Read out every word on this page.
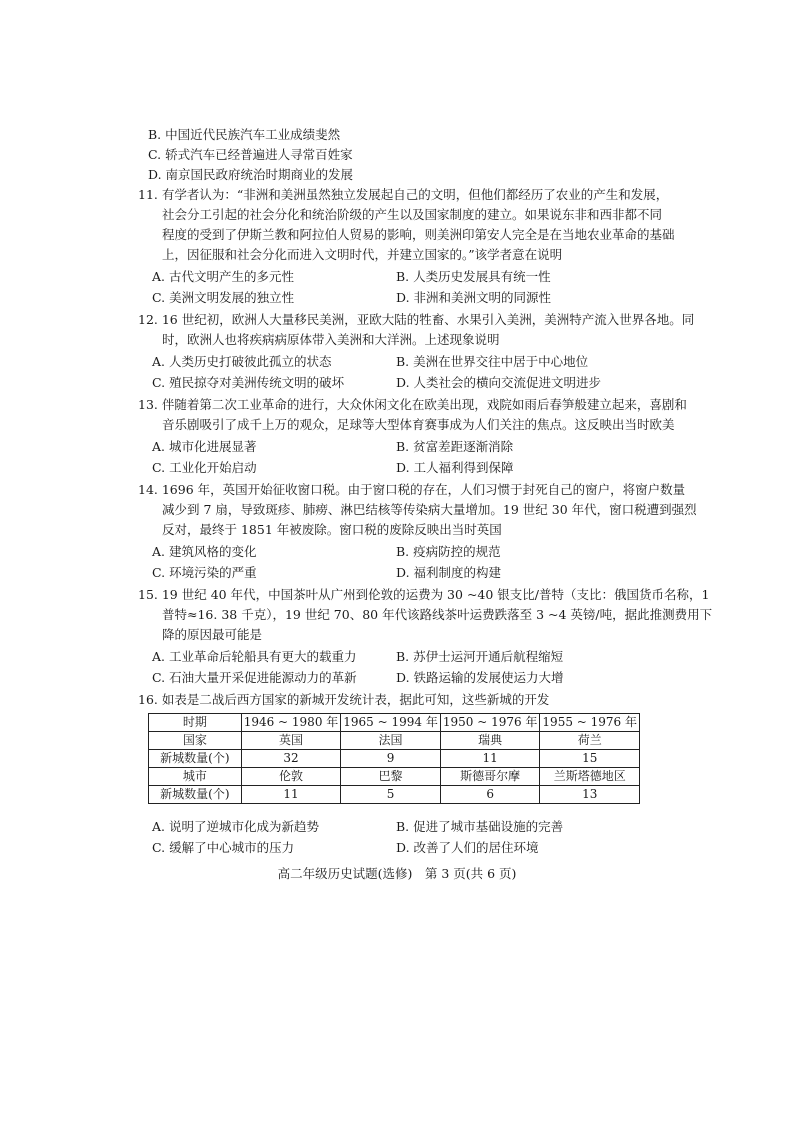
B. 中国近代民族汽车工业成绩斐然
C. 轿式汽车已经普遍进人寻常百姓家
D. 南京国民政府统治时期商业的发展
11. 有学者认为：“非洲和美洲虽然独立发展起自己的文明，但他们都经历了农业的产生和发展，
社会分工引起的社会分化和统治阶级的产生以及国家制度的建立。如果说东非和西非都不同
程度的受到了伊斯兰教和阿拉伯人贸易的影响，则美洲印第安人完全是在当地农业革命的基础
上，因征服和社会分化而进入文明时代，并建立国家的。”该学者意在说明
A. 古代文明产生的多元性	B. 人类历史发展具有统一性
C. 美洲文明发展的独立性	D. 非洲和美洲文明的同源性
12. 16 世纪初，欧洲人大量移民美洲，亚欧大陆的牲畜、水果引入美洲，美洲特产流入世界各地。同
时，欧洲人也将疾病病原体带入美洲和大洋洲。上述现象说明
A. 人类历史打破彼此孤立的状态	B. 美洲在世界交往中居于中心地位
C. 殖民掠夺对美洲传统文明的破坏	D. 人类社会的横向交流促进文明进步
13. 伴随着第二次工业革命的进行，大众休闲文化在欧美出现，戏院如雨后春笋般建立起来，喜剧和
音乐剧吸引了成千上万的观众，足球等大型体育赛事成为人们关注的焦点。这反映出当时欧美
A. 城市化进展显著	B. 贫富差距逐渐消除
C. 工业化开始启动	D. 工人福利得到保障
14. 1696 年，英国开始征收窗口税。由于窗口税的存在，人们习惯于封死自己的窗户，将窗户数量
减少到 7 扇，导致斑疹、肺痨、淋巴结核等传染病大量增加。19 世纪 30 年代，窗口税遭到强烈
反对，最终于 1851 年被废除。窗口税的废除反映出当时英国
A. 建筑风格的变化	B. 疫病防控的规范
C. 环境污染的严重	D. 福利制度的构建
15. 19 世纪 40 年代，中国茶叶从广州到伦敦的运费为 30 ~40 银支比/普特（支比：俄国货币名称，1
普特≈16. 38 千克），19 世纪 70、80 年代该路线茶叶运费跌落至 3 ~4 英镑/吨，据此推测费用下
降的原因最可能是
A. 工业革命后轮船具有更大的载重力	B. 苏伊士运河开通后航程缩短
C. 石油大量开采促进能源动力的革新	D. 铁路运输的发展使运力大增
16. 如表是二战后西方国家的新城开发统计表，据此可知，这些新城的开发
时期	1946 ~ 1980 年	1965 ~ 1994 年	1950 ~ 1976 年	1955 ~ 1976 年
国家	英国	法国	瑞典	荷兰
新城数量(个)	32	9	11	15
城市	伦敦	巴黎	斯德哥尔摩	兰斯塔德地区
新城数量(个)	11	5	6	13
A. 说明了逆城市化成为新趋势	B. 促进了城市基础设施的完善
C. 缓解了中心城市的压力	D. 改善了人们的居住环境
高二年级历史试题(选修)　第 3 页(共 6 页)
